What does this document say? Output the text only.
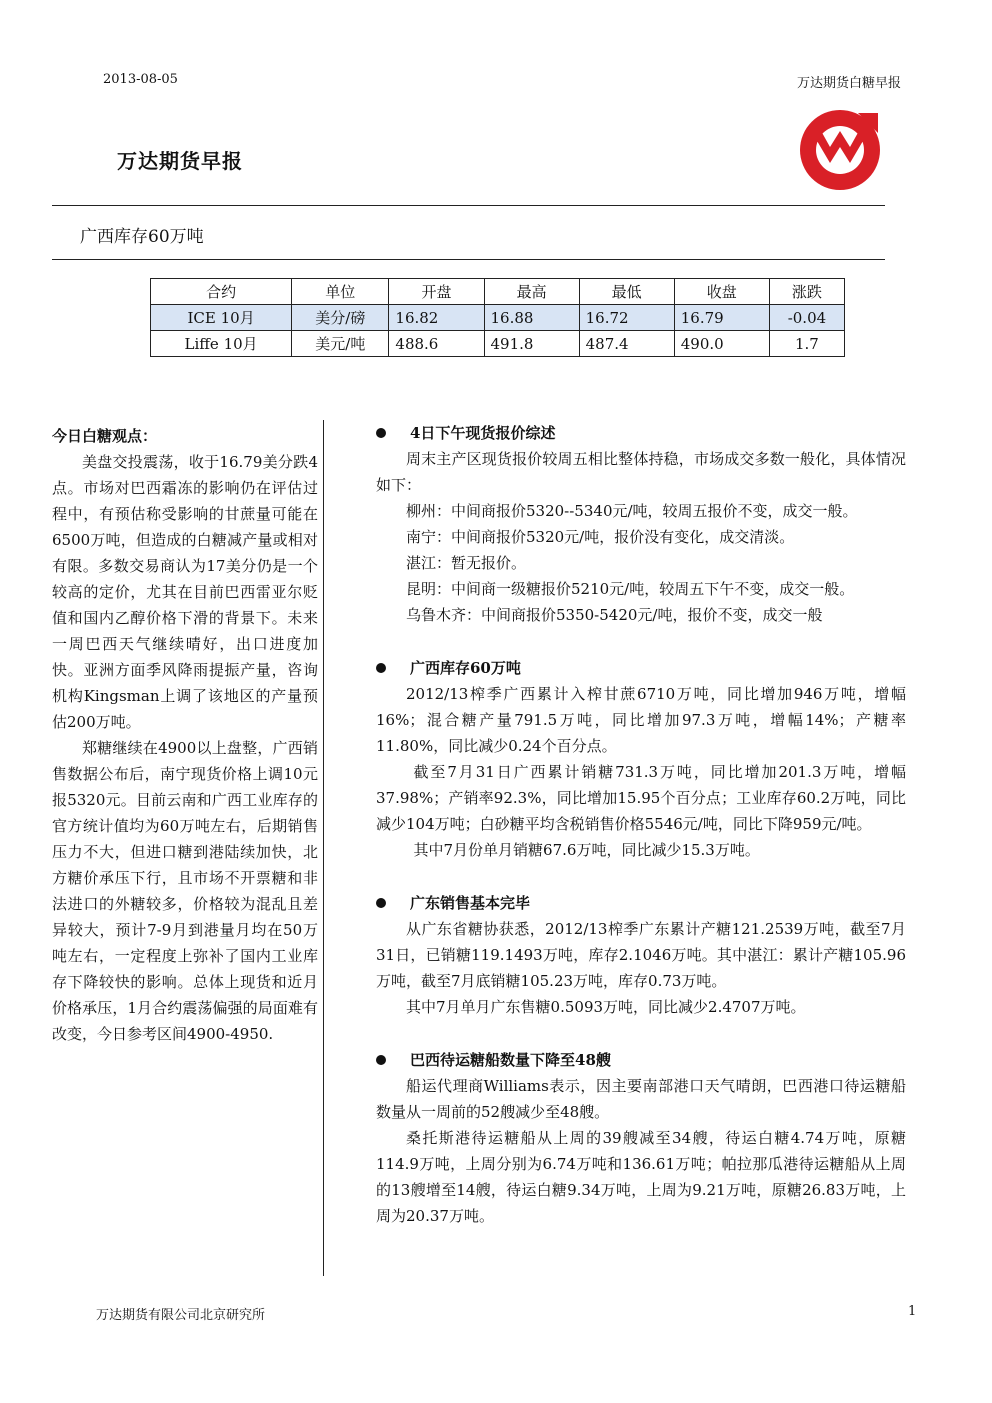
2013-08-05	万达期货白糖早报
万达期货早报
广西库存60万吨
合约	单位	开盘	最高	最低	收盘	涨跌
ICE 10月	美分/磅	16.82	16.88	16.72	16.79	-0.04
Liffe 10月	美元/吨	488.6	491.8	487.4	490.0	1.7
今日白糖观点：

美盘交投震荡，收于16.79美分跌4点。市场对巴西霜冻的影响仍在评估过程中，有预估称受影响的甘蔗量可能在6500万吨，但造成的白糖减产量或相对有限。多数交易商认为17美分仍是一个较高的定价，尤其在目前巴西雷亚尔贬值和国内乙醇价格下滑的背景下。未来一周巴西天气继续晴好，出口进度加快。亚洲方面季风降雨提振产量，咨询机构Kingsman上调了该地区的产量预估200万吨。

郑糖继续在4900以上盘整，广西销售数据公布后，南宁现货价格上调10元报5320元。目前云南和广西工业库存的官方统计值均为60万吨左右，后期销售压力不大，但进口糖到港陆续加快，北方糖价承压下行，且市场不开票糖和非法进口的外糖较多，价格较为混乱且差异较大，预计7-9月到港量月均在50万吨左右，一定程度上弥补了国内工业库存下降较快的影响。总体上现货和近月价格承压，1月合约震荡偏强的局面难有改变，今日参考区间4900-4950.

4日下午现货报价综述

周末主产区现货报价较周五相比整体持稳，市场成交多数一般化，具体情况如下：

柳州：中间商报价5320--5340元/吨，较周五报价不变，成交一般。

南宁：中间商报价5320元/吨，报价没有变化，成交清淡。

湛江：暂无报价。

昆明：中间商一级糖报价5210元/吨，较周五下午不变，成交一般。

乌鲁木齐：中间商报价5350-5420元/吨，报价不变，成交一般

广西库存60万吨

2012/13榨季广西累计入榨甘蔗6710万吨，同比增加946万吨，增幅16%；混合糖产量791.5万吨，同比增加97.3万吨，增幅14%；产糖率11.80%，同比减少0.24个百分点。

截至7月31日广西累计销糖731.3万吨，同比增加201.3万吨，增幅37.98%；产销率92.3%，同比增加15.95个百分点；工业库存60.2万吨，同比减少104万吨；白砂糖平均含税销售价格5546元/吨，同比下降959元/吨。

其中7月份单月销糖67.6万吨，同比减少15.3万吨。

广东销售基本完毕

从广东省糖协获悉，2012/13榨季广东累计产糖121.2539万吨，截至7月31日，已销糖119.1493万吨，库存2.1046万吨。其中湛江：累计产糖105.96万吨，截至7月底销糖105.23万吨，库存0.73万吨。

其中7月单月广东售糖0.5093万吨，同比减少2.4707万吨。

巴西待运糖船数量下降至48艘

船运代理商Williams表示，因主要南部港口天气晴朗，巴西港口待运糖船数量从一周前的52艘减少至48艘。

桑托斯港待运糖船从上周的39艘减至34艘，待运白糖4.74万吨，原糖114.9万吨，上周分别为6.74万吨和136.61万吨；帕拉那瓜港待运糖船从上周的13艘增至14艘，待运白糖9.34万吨，上周为9.21万吨，原糖26.83万吨，上周为20.37万吨。

万达期货有限公司北京研究所	1
